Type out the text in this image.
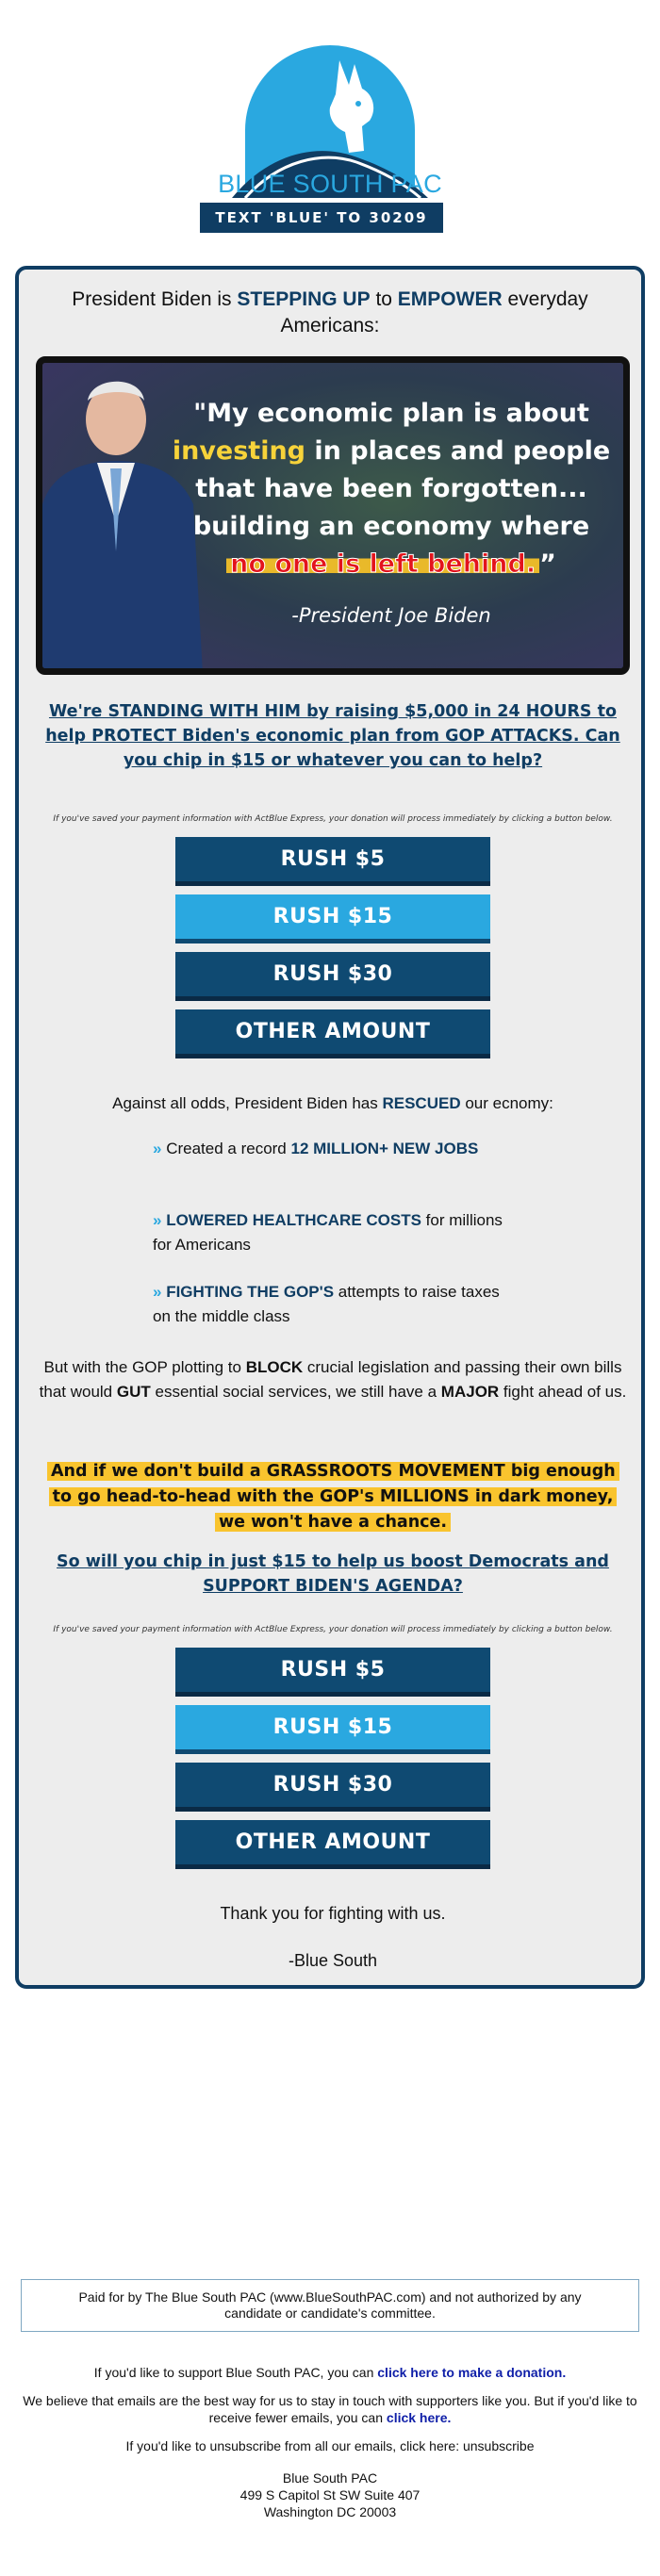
BLUE SOUTH PAC
TEXT 'BLUE' TO 30209
President Biden is STEPPING UP to EMPOWER everyday Americans:
"My economic plan is about
investing in places and people
that have been forgotten...
building an economy where
no one is left behind. ”
-President Joe Biden
We're STANDING WITH HIM by raising $5,000 in 24 HOURS to help PROTECT Biden's economic plan from GOP ATTACKS. Can you chip in $15 or whatever you can to help?
If you've saved your payment information with ActBlue Express, your donation will process immediately by clicking a button below.
RUSH $5
RUSH $15
RUSH $30
OTHER AMOUNT
Against all odds, President Biden has RESCUED our ecnomy:
» Created a record 12 MILLION+ NEW JOBS
» LOWERED HEALTHCARE COSTS for millions for Americans
» FIGHTING THE GOP'S attempts to raise taxes on the middle class
But with the GOP plotting to BLOCK crucial legislation and passing their own bills that would GUT essential social services, we still have a MAJOR fight ahead of us.
And if we don't build a GRASSROOTS MOVEMENT big enough to go head-to-head with the GOP's MILLIONS in dark money, we won't have a chance.
So will you chip in just $15 to help us boost Democrats and SUPPORT BIDEN'S AGENDA?
If you've saved your payment information with ActBlue Express, your donation will process immediately by clicking a button below.
RUSH $5
RUSH $15
RUSH $30
OTHER AMOUNT
Thank you for fighting with us.
-Blue South
Paid for by The Blue South PAC (www.BlueSouthPAC.com) and not authorized by any candidate or candidate's committee.
If you'd like to support Blue South PAC, you can click here to make a donation.
We believe that emails are the best way for us to stay in touch with supporters like you. But if you'd like to receive fewer emails, you can click here.
If you'd like to unsubscribe from all our emails, click here: unsubscribe
Blue South PAC
499 S Capitol St SW Suite 407
Washington DC 20003
